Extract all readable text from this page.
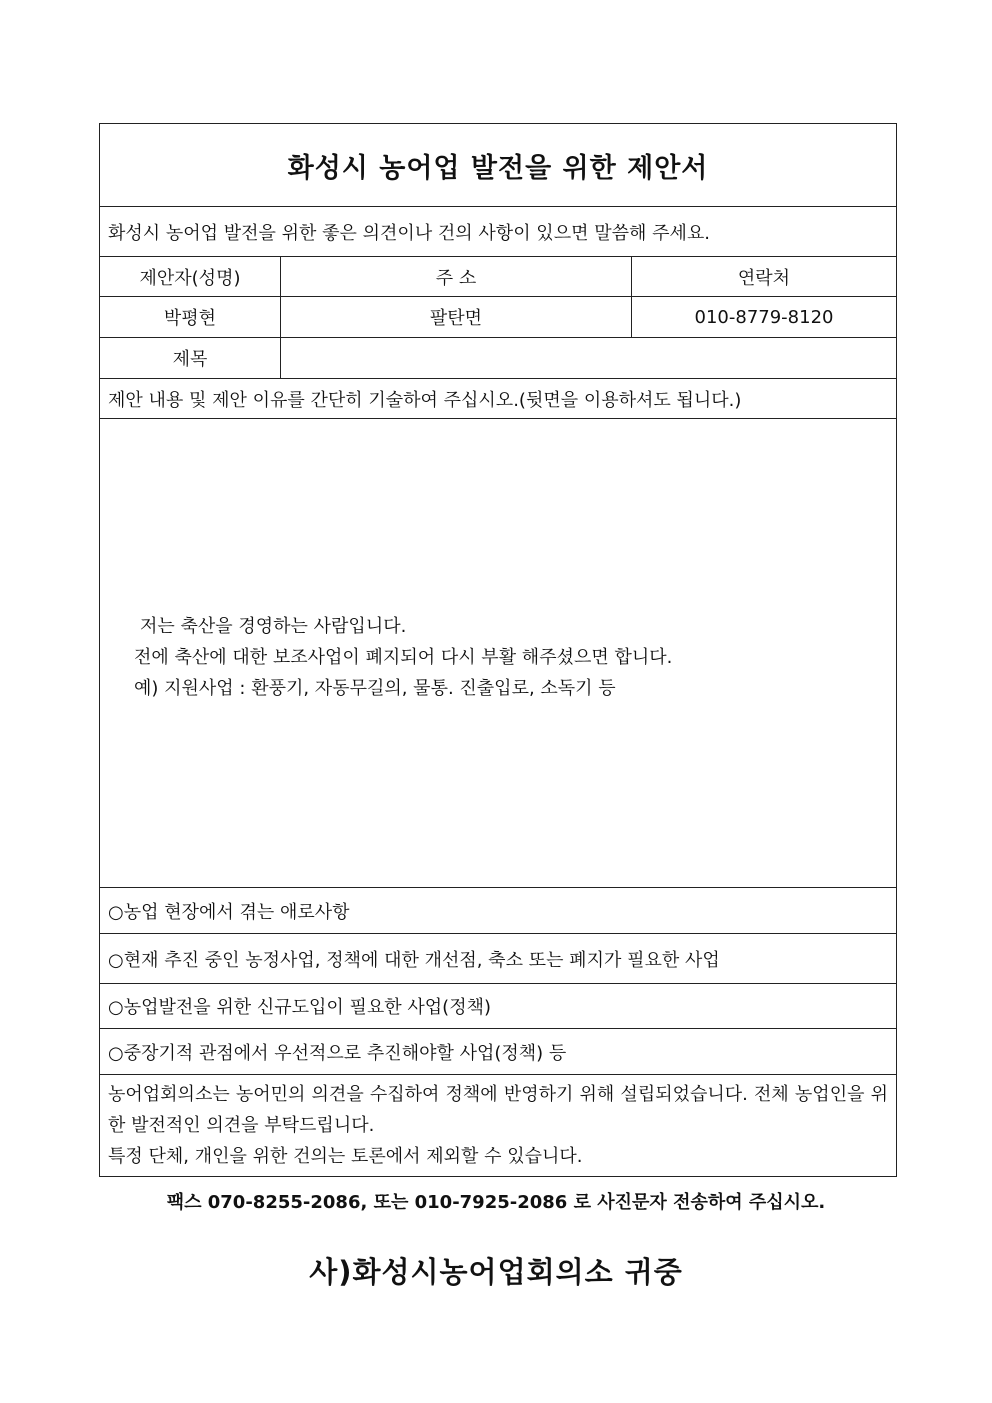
화성시 농어업 발전을 위한 제안서
화성시 농어업 발전을 위한 좋은 의견이나 건의 사항이 있으면 말씀해 주세요.
제안자(성명)	주 소	연락처
박평현	팔탄면	010-8779-8120
제목
제안 내용 및 제안 이유를 간단히 기술하여 주십시오.(뒷면을 이용하셔도 됩니다.)
저는 축산을 경영하는 사람입니다.
전에 축산에 대한 보조사업이 폐지되어 다시 부활 해주셨으면 합니다.
예) 지원사업 : 환풍기, 자동무길의, 물통. 진출입로, 소독기 등
○농업 현장에서 겪는 애로사항
○현재 추진 중인 농정사업, 정책에 대한 개선점, 축소 또는 폐지가 필요한 사업
○농업발전을 위한 신규도입이 필요한 사업(정책)
○중장기적 관점에서 우선적으로 추진해야할 사업(정책) 등
농어업회의소는 농어민의 의견을 수집하여 정책에 반영하기 위해 설립되었습니다. 전체 농업인을 위한 발전적인 의견을 부탁드립니다.
특정 단체, 개인을 위한 건의는 토론에서 제외할 수 있습니다.
팩스 070-8255-2086, 또는 010-7925-2086 로 사진문자 전송하여 주십시오.
사)화성시농어업회의소 귀중
